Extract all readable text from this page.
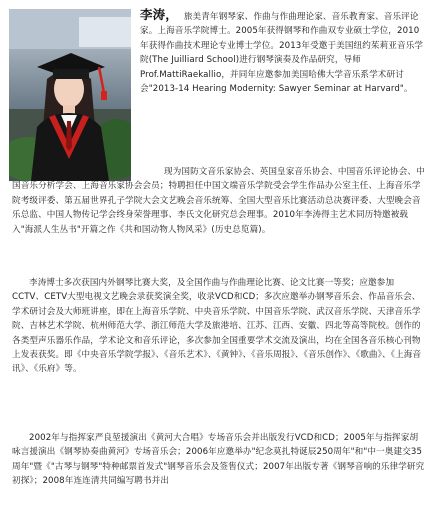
李涛， 旅美青年钢琴家、作曲与作曲理论家、音乐教育家、音乐评论家。上海音乐学院博士。2005年获得钢琴和作曲双专业硕士学位，2010年获得作曲技术理论专业博士学位。2013年受邀于美国纽约茱莉亚音乐学院(The Juilliard School)进行钢琴演奏及作品研究，导师Prof.MattiRaekallio，并同年应邀参加美国哈佛大学音乐系学术研讨会"2013-14 Hearing Modernity: Sawyer Seminar at Harvard"。

现为国防文音乐家协会、英国皇家音乐协会、中国音乐评论协会、中国音乐分析学会、上海音乐家协会会员；特聘担任中国文端音乐学院受会学生作品办公室主任、上海音乐学院考级评委、第五届世界孔子学院大会文艺晚会音乐统筹、全国大型音乐比赛活动总决赛评委、大型晚会音乐总监、中国人物传记学会终身荣誉理事、李氏文化研究总会理事。2010年李涛得主艺术同历特邀被载入"海派人生丛书"开篇之作《共和国动物人物风采》(历史总览篇)。

李涛博士多次获国内外钢琴比赛大奖，及全国作曲与作曲理论比赛、论文比赛一等奖；应邀参加CCTV、CETV大型电视文艺晚会录获奖演全奖，收录VCD和CD；多次应邀举办钢琴音乐会、作品音乐会、学术研讨会及大师班讲座，即在上海音乐学院、中央音乐学院、中国音乐学院、武汉音乐学院、天津音乐学院、吉林艺术学院、杭州师范大学、浙江师范大学及旅港培、江苏、江西、安徽、四北等高等院校。创作的各类型声乐器乐作品，学术论文和音乐评论，多次参加全国重要学术交流及演出，均在全国各音乐核心刊物上发表获奖。即《中央音乐学院学报》、《音乐艺术》、《黄钟》、《音乐周报》、《音乐创作》、《歌曲》、《上海音讯》、《乐府》等。

2002年与指挥家严良堃援演出《黄河大合唱》专场音乐会并出版发行VCD和CD；2005年与指挥家胡咏言援演出《钢琴协奏曲黄河》专场音乐会；2006年应邀举办"纪念莫扎特诞辰250周年"和"中一奥建交35周年"暨《"古琴与钢琴"特种邮票首发式"钢琴音乐会及签售仪式；2007年出版专著《钢琴音响的乐律学研究初探》；2008年连连清共同编写聘书并出
